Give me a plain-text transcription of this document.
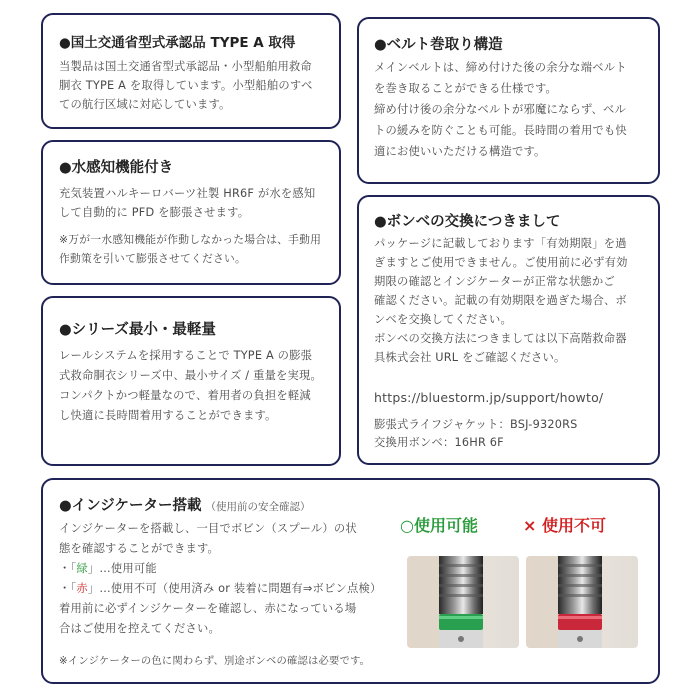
●国土交通省型式承認品 TYPE A 取得
当製品は国土交通省型式承認品・小型船舶用救命
胴衣 TYPE A を取得しています。小型船舶のすべ
ての航行区域に対応しています。
●水感知機能付き
充気装置ハルキーロバーツ社製 HR6F が水を感知
して自動的に PFD を膨張させます。
※万が一水感知機能が作動しなかった場合は、手動用
作動策を引いて膨張させてください。
●シリーズ最小・最軽量
レールシステムを採用することで TYPE A の膨張
式救命胴衣シリーズ中、最小サイズ / 重量を実現。
コンパクトかつ軽量なので、着用者の負担を軽減
し快適に長時間着用することができます。
●ベルト巻取り構造
メインベルトは、締め付けた後の余分な端ベルト
を巻き取ることができる仕様です。
締め付け後の余分なベルトが邪魔にならず、ベル
トの緩みを防ぐことも可能。長時間の着用でも快
適にお使いいただける構造です。
●ボンベの交換につきまして
パッケージに記載しております「有効期限」を過
ぎますとご使用できません。ご使用前に必ず有効
期限の確認とインジケーターが正常な状態かご
確認ください。記載の有効期限を過ぎた場合、ボ
ンベを交換してください。
ボンベの交換方法につきましては以下高階救命器
具株式会社 URL をご確認ください。
https://bluestorm.jp/support/howto/
膨張式ライフジャケット：BSJ-9320RS
交換用ボンベ：16HR 6F
●インジケーター搭載 （使用前の安全確認）
インジケーターを搭載し、一目でボビン（スプール）の状
態を確認することができます。
・「緑」…使用可能
・「赤」…使用不可（使用済み or 装着に問題有⇒ボビン点検）
着用前に必ずインジケーターを確認し、赤になっている場
合はご使用を控えてください。
※インジケーターの色に関わらず、別途ボンベの確認は必要です。
○使用可能	× 使用不可
